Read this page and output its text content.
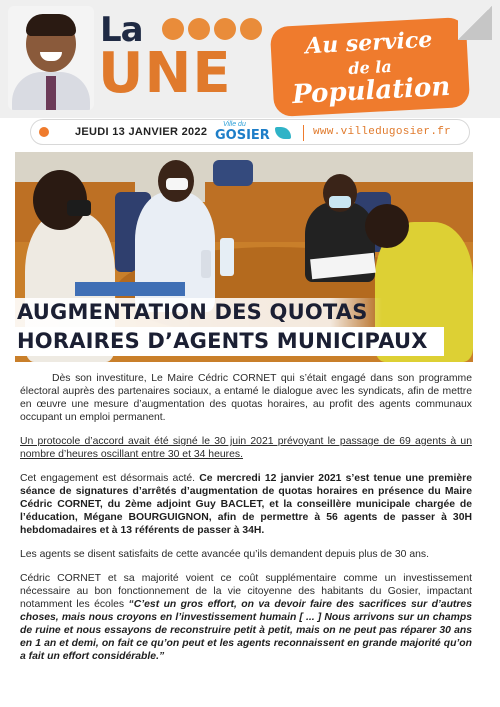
La
UNE	Au service
de la
Population
JEUDI 13 JANVIER 2022
Ville du
GOSIER	www.villedugosier.fr
AUGMENTATION DES QUOTAS
HORAIRES D’AGENTS MUNICIPAUX

Dès son investiture, Le Maire Cédric CORNET qui s’était engagé dans son programme électoral auprès des partenaires sociaux, a entamé le dialogue avec les syndicats, afin de mettre en œuvre une mesure d’augmentation des quotas horaires, au profit des agents communaux occupant un emploi permanent.

Un protocole d’accord avait été signé le 30 juin 2021 prévoyant le passage de 69 agents à un nombre d’heures oscillant entre 30 et 34 heures.

Cet engagement est désormais acté. Ce mercredi 12 janvier 2021 s’est tenue une première séance de signatures d’arrêtés d’augmentation de quotas horaires en présence du Maire Cédric CORNET, du 2ème adjoint Guy BACLET, et la conseillère municipale chargée de l’éducation, Mégane BOURGUIGNON, afin de permettre à 56 agents de passer à 30H hebdomadaires et à 13 référents de passer à 34H.

Les agents se disent satisfaits de cette avancée qu’ils demandent depuis plus de 30 ans.

Cédric CORNET et sa majorité voient ce coût supplémentaire comme un investissement nécessaire au bon fonctionnement de la vie citoyenne des habitants du Gosier, impactant notamment les écoles “C’est un gros effort, on va devoir faire des sacrifices sur d’autres choses, mais nous croyons en l’investissement humain [ ... ] Nous arrivons sur un champs de ruine et nous essayons de reconstruire petit à petit, mais on ne peut pas réparer 30 ans en 1 an et demi, on fait ce qu’on peut et les agents reconnaissent en grande majorité qu’on a fait un effort considérable.”
